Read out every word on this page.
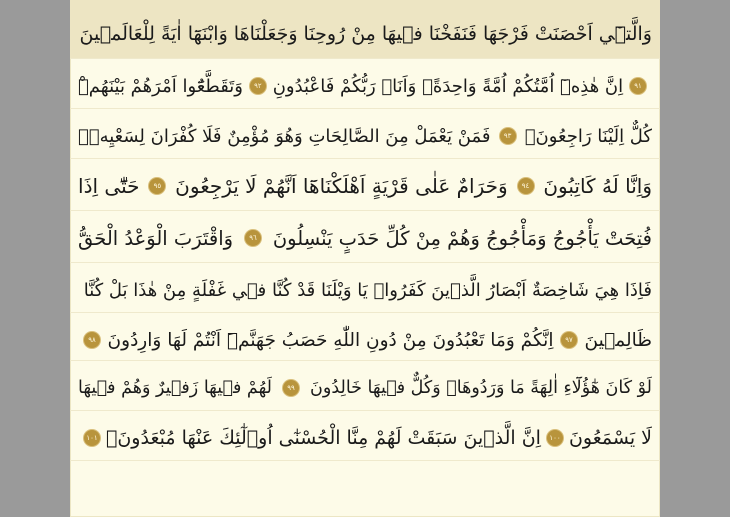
وَالَّت۪ٓي اَحْصَنَتْ فَرْجَهَا فَنَفَخْنَا ف۪يهَا مِنْ رُوحِنَا وَجَعَلْنَاهَا وَابْنَهَٓا اٰيَةً لِلْعَالَم۪ينَ
٩١
اِنَّ هٰذِه۪ٓ اُمَّتُكُمْ اُمَّةً وَاحِدَةًۘ وَاَنَا۬ رَبُّكُمْ فَاعْبُدُونِ
٩٢
وَتَقَطَّعُٓوا اَمْرَهُمْ بَيْنَهُمْۜ
كُلٌّ اِلَيْنَا رَاجِعُونَ۟
٩٣
فَمَنْ يَعْمَلْ مِنَ الصَّالِحَاتِ وَهُوَ مُؤْمِنٌ فَلَا كُفْرَانَ لِسَعْيِه۪ۚ
وَاِنَّا لَهُ كَاتِبُونَ
٩٤
وَحَرَامٌ عَلٰى قَرْيَةٍ اَهْلَكْنَاهَٓا اَنَّهُمْ لَا يَرْجِعُونَ
٩٥
حَتّٰٓى اِذَا
فُتِحَتْ يَأْجُوجُ وَمَأْجُوجُ وَهُمْ مِنْ كُلِّ حَدَبٍ يَنْسِلُونَ
٩٦
وَاقْتَرَبَ الْوَعْدُ الْحَقُّ
فَاِذَا هِيَ شَاخِصَةٌ اَبْصَارُ الَّذ۪ينَ كَفَرُواۜ يَا وَيْلَنَا قَدْ كُنَّا ف۪ي غَفْلَةٍ مِنْ هٰذَا بَلْ كُنَّا
ظَالِم۪ينَ
٩٧
اِنَّكُمْ وَمَا تَعْبُدُونَ مِنْ دُونِ اللّٰهِ حَصَبُ جَهَنَّمَۜ اَنْتُمْ لَهَا وَارِدُونَ
٩٨
لَوْ كَانَ هٰٓؤُلَٓاءِ اٰلِهَةً مَا وَرَدُوهَاۜ وَكُلٌّ ف۪يهَا خَالِدُونَ
٩٩
لَهُمْ ف۪يهَا زَف۪يرٌ وَهُمْ ف۪يهَا
لَا يَسْمَعُونَ
١٠٠
اِنَّ الَّذ۪ينَ سَبَقَتْ لَهُمْ مِنَّا الْحُسْنٰٓى اُو۬لٰٓئِكَ عَنْهَا مُبْعَدُونَۙ
١٠١
